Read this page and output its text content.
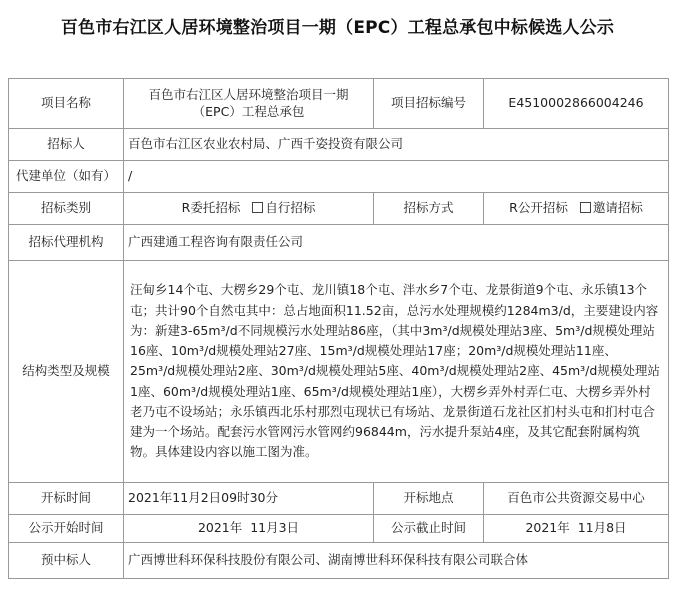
百色市右江区人居环境整治项目一期（EPC）工程总承包中标候选人公示
项目名称	百色市右江区人居环境整治项目一期（EPC）工程总承包	项目招标编号	E4510002866004246
招标人	百色市右江区农业农村局、广西千姿投资有限公司		
代建单位（如有）	/		
招标类别	R委托招标 自行招标	招标方式	R公开招标 邀请招标
招标代理机构	广西建通工程咨询有限责任公司		
结构类型及规模	汪甸乡14个屯、大楞乡29个屯、龙川镇18个屯、泮水乡7个屯、龙景街道9个屯、永乐镇13个屯；共计90个自然屯其中：总占地面积11.52亩，总污水处理规模约1284m3/d，主要建设内容为：新建3-65m³/d不同规模污水处理站86座，（其中3m³/d规模处理站3座、5m³/d规模处理站16座、10m³/d规模处理站27座、15m³/d规模处理站17座；20m³/d规模处理站11座、25m³/d规模处理站2座、30m³/d规模处理站5座、40m³/d规模处理站2座、45m³/d规模处理站1座、60m³/d规模处理站1座、65m³/d规模处理站1座），大楞乡弄外村弄仁屯、大楞乡弄外村老乃屯不设场站；永乐镇西北乐村那烈屯现状已有场站、龙景街道石龙社区扪村头屯和扪村屯合建为一个场站。配套污水管网污水管网约96844m，污水提升泵站4座，及其它配套附属构筑物。具体建设内容以施工图为准。		
开标时间	2021年11月2日09时30分	开标地点	百色市公共资源交易中心
公示开始时间	2021年  11月3日	公示截止时间	2021年  11月8日
预中标人	广西博世科环保科技股份有限公司、湖南博世科环保科技有限公司联合体		
